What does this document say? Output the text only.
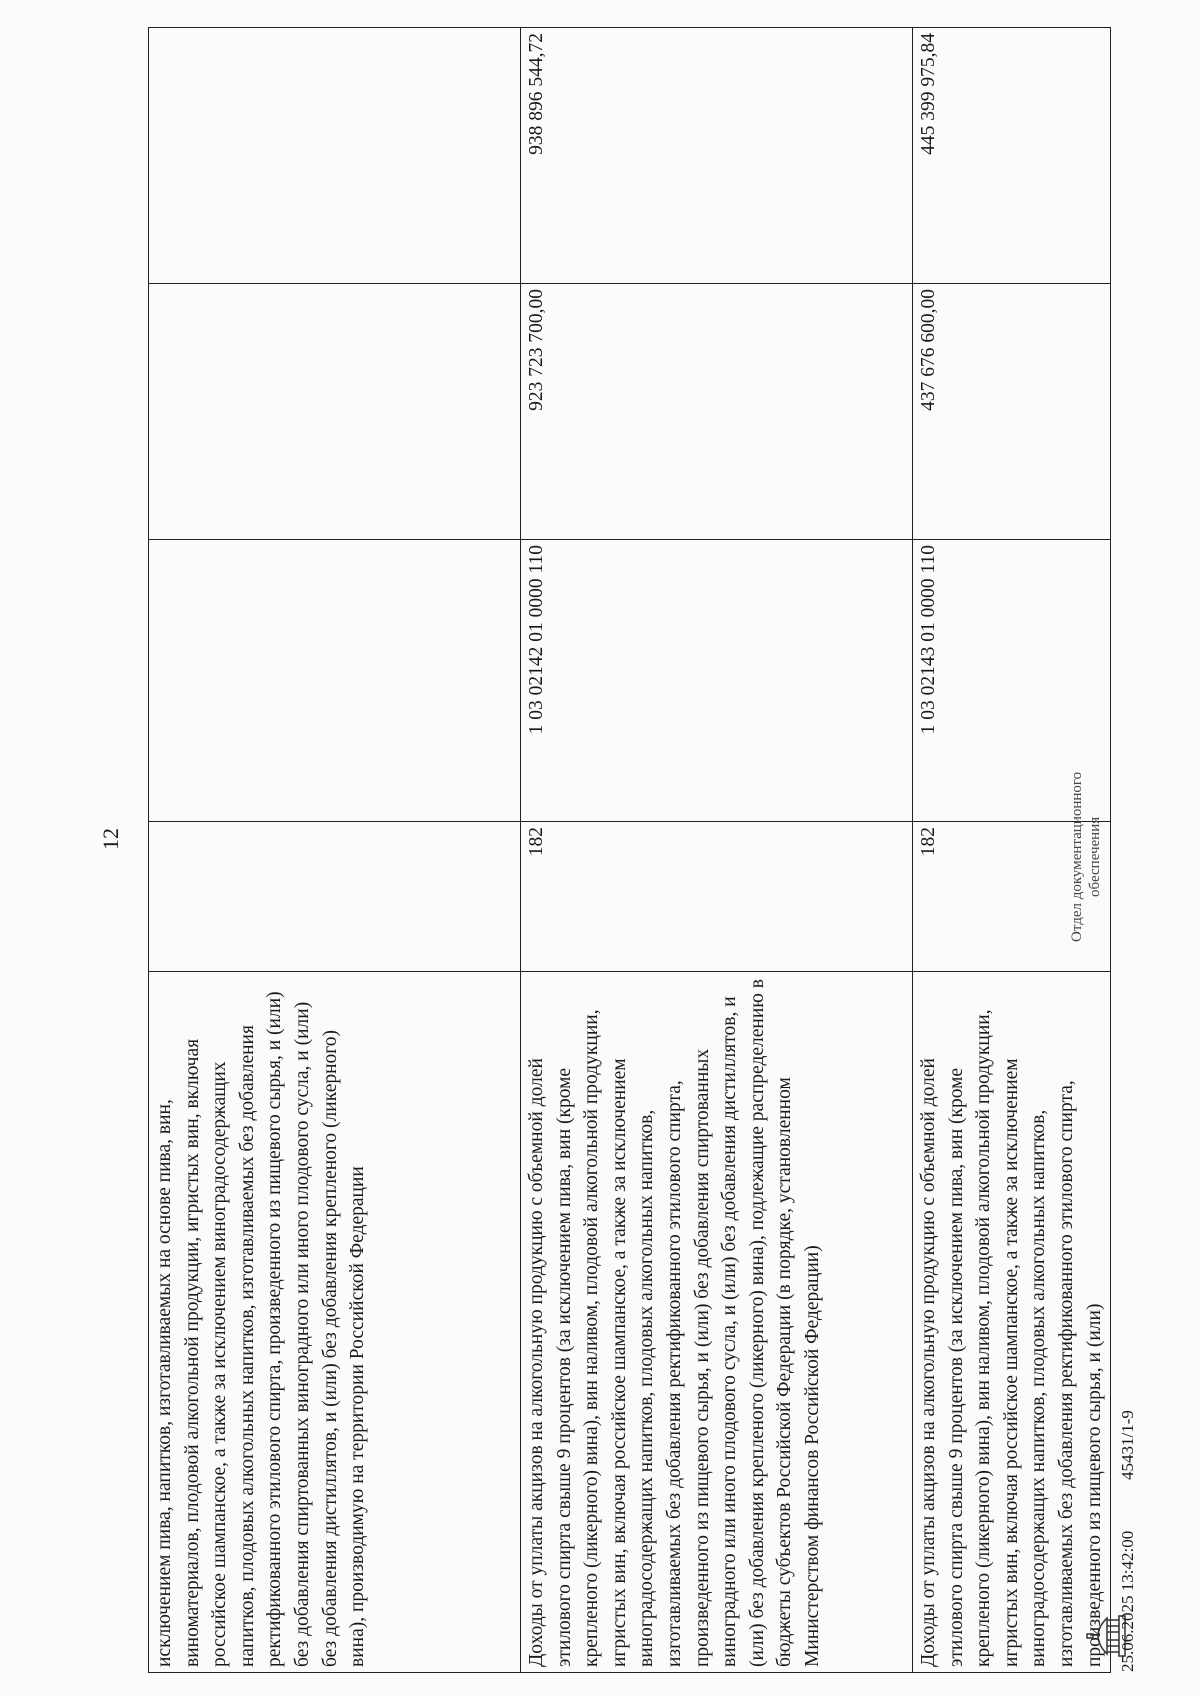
12
исключением пива, напитков, изготавливаемых на основе пива, вин, виноматериалов, плодовой алкогольной продукции, игристых вин, включая российское шампанское, а также за исключением виноградосодержащих напитков, плодовых алкогольных напитков, изготавливаемых без добавления ректификованного этилового спирта, произведенного из пищевого сырья, и (или) без добавления спиртованных виноградного или иного плодового сусла, и (или) без добавления дистиллятов, и (или) без добавления крепленого (ликерного) вина), производимую на территории Российской Федерации				
Доходы от уплаты акцизов на алкогольную продукцию с объемной долей этилового спирта свыше 9 процентов (за исключением пива, вин (кроме крепленого (ликерного) вина), вин наливом, плодовой алкогольной продукции, игристых вин, включая российское шампанское, а также за исключением виноградосодержащих напитков, плодовых алкогольных напитков, изготавливаемых без добавления ректификованного этилового спирта, произведенного из пищевого сырья, и (или) без добавления спиртованных виноградного или иного плодового сусла, и (или) без добавления дистиллятов, и (или) без добавления крепленого (ликерного) вина), подлежащие распределению в бюджеты субъектов Российской Федерации (в порядке, установленном Министерством финансов Российской Федерации)	182	1 03 02142 01 0000 110	923 723 700,00	938 896 544,72
Доходы от уплаты акцизов на алкогольную продукцию с объемной долей этилового спирта свыше 9 процентов (за исключением пива, вин (кроме крепленого (ликерного) вина), вин наливом, плодовой алкогольной продукции, игристых вин, включая российское шампанское, а также за исключением виноградосодержащих напитков, плодовых алкогольных напитков, изготавливаемых без добавления ректификованного этилового спирта, произведенного из пищевого сырья, и (или)	182	1 03 02143 01 0000 110	437 676 600,00	445 399 975,84
25.06.2025 13:42:00
45431/1-9
Отдел документационного обеспечения
